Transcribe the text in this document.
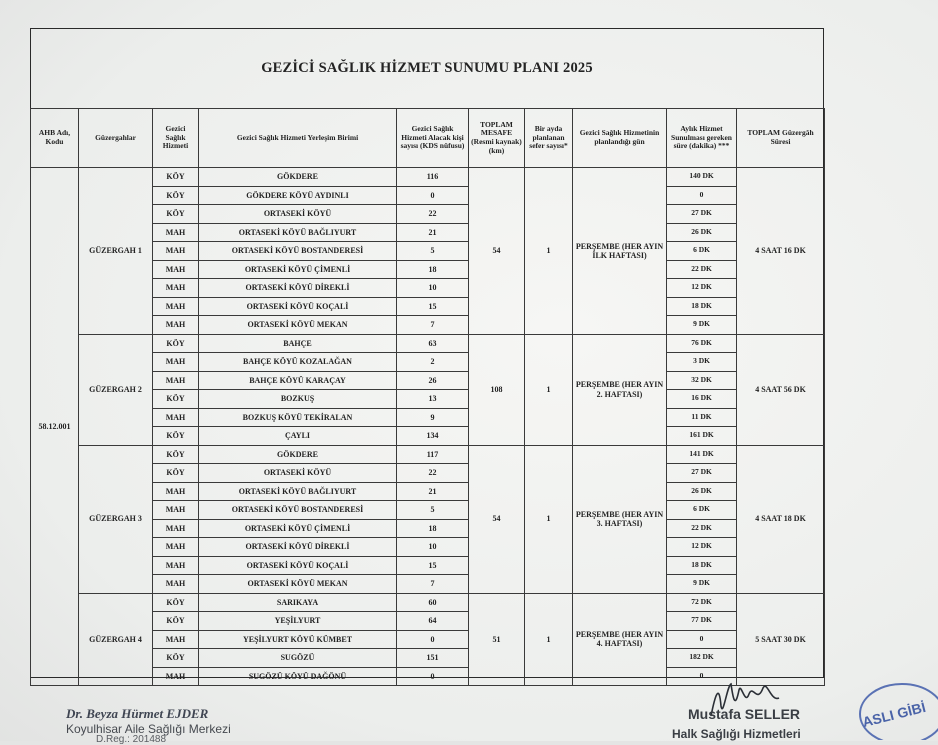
GEZİCİ SAĞLIK HİZMET SUNUMU PLANI 2025
AHB Adı, Kodu	Güzergahlar	Gezici Sağlık Hizmeti	Gezici Sağlık Hizmeti Yerleşim Birimi	Gezici Sağlık Hizmeti Alacak kişi sayısı (KDS nüfusu)	TOPLAM MESAFE (Resmi kaynak) (km)	Bir ayda planlanan sefer sayısı*	Gezici Sağlık Hizmetinin planlandığı gün	Aylık Hizmet Sunulması gereken süre (dakika) ***	TOPLAM Güzergâh Süresi
58.12.001	GÜZERGAH 1	KÖY	GÖKDERE	116	54	1	PERŞEMBE (HER AYIN İLK HAFTASI)	140 DK	4 SAAT 16 DK
		KÖY	GÖKDERE KÖYÜ AYDINLI	0				0	
		KÖY	ORTASEKİ KÖYÜ	22				27 DK	
		MAH	ORTASEKİ KÖYÜ BAĞLIYURT	21				26 DK	
		MAH	ORTASEKİ KÖYÜ BOSTANDERESİ	5				6 DK	
		MAH	ORTASEKİ KÖYÜ ÇİMENLİ	18				22 DK	
		MAH	ORTASEKİ KÖYÜ DİREKLİ	10				12 DK	
		MAH	ORTASEKİ KÖYÜ KOÇALİ	15				18 DK	
		MAH	ORTASEKİ KÖYÜ MEKAN	7				9 DK	
	GÜZERGAH 2	KÖY	BAHÇE	63	108	1	PERŞEMBE (HER AYIN 2. HAFTASI)	76 DK	4 SAAT 56 DK
		MAH	BAHÇE KÖYÜ KOZALAĞAN	2				3 DK	
		MAH	BAHÇE KÖYÜ KARAÇAY	26				32 DK	
		KÖY	BOZKUŞ	13				16 DK	
		MAH	BOZKUŞ KÖYÜ TEKİRALAN	9				11 DK	
		KÖY	ÇAYLI	134				161 DK	
	GÜZERGAH 3	KÖY	GÖKDERE	117	54	1	PERŞEMBE (HER AYIN 3. HAFTASI)	141 DK	4 SAAT 18 DK
		KÖY	ORTASEKİ KÖYÜ	22				27 DK	
		MAH	ORTASEKİ KÖYÜ BAĞLIYURT	21				26 DK	
		MAH	ORTASEKİ KÖYÜ BOSTANDERESİ	5				6 DK	
		MAH	ORTASEKİ KÖYÜ ÇİMENLİ	18				22 DK	
		MAH	ORTASEKİ KÖYÜ DİREKLİ	10				12 DK	
		MAH	ORTASEKİ KÖYÜ KOÇALİ	15				18 DK	
		MAH	ORTASEKİ KÖYÜ MEKAN	7				9 DK	
	GÜZERGAH 4	KÖY	SARIKAYA	60	51	1	PERŞEMBE (HER AYIN 4. HAFTASI)	72 DK	5 SAAT 30 DK
		KÖY	YEŞİLYURT	64				77 DK	
		MAH	YEŞİLYURT KÖYÜ KÜMBET	0				0	
		KÖY	SUGÖZÜ	151				182 DK	
		MAH	SUGÖZÜ KÖYÜ DAĞÖNÜ	0				0	
Dr. Beyza Hürmet EJDER
Koyulhisar Aile Sağlığı Merkezi
D.Reg.: 201488
Mustafa SELLER
Halk Sağlığı Hizmetleri
ASLI GİBİ
